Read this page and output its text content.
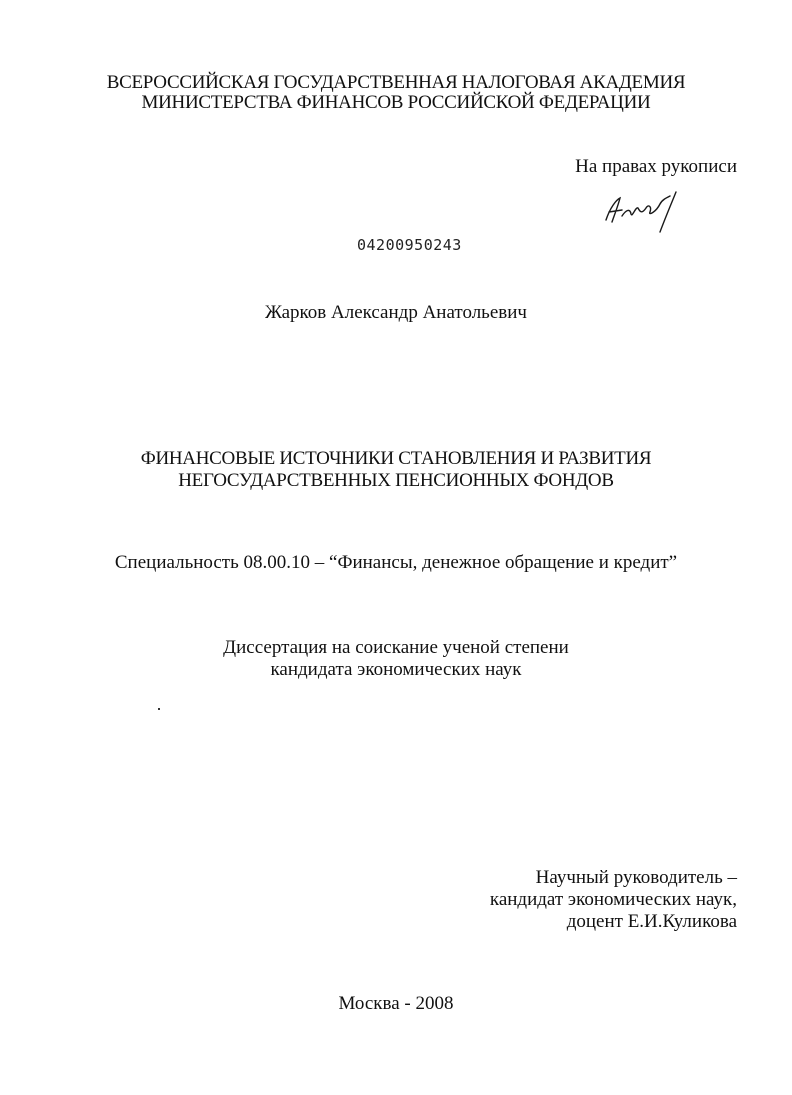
ВСЕРОССИЙСКАЯ ГОСУДАРСТВЕННАЯ НАЛОГОВАЯ АКАДЕМИЯ
МИНИСТЕРСТВА ФИНАНСОВ РОССИЙСКОЙ ФЕДЕРАЦИИ
На правах рукописи
04200950243
Жарков Александр Анатольевич
ФИНАНСОВЫЕ ИСТОЧНИКИ СТАНОВЛЕНИЯ И РАЗВИТИЯ
НЕГОСУДАРСТВЕННЫХ ПЕНСИОННЫХ ФОНДОВ
Специальность 08.00.10 – “Финансы, денежное обращение и кредит”
Диссертация на соискание ученой степени
кандидата экономических наук
Научный руководитель –
кандидат экономических наук,
доцент Е.И.Куликова
Москва - 2008
